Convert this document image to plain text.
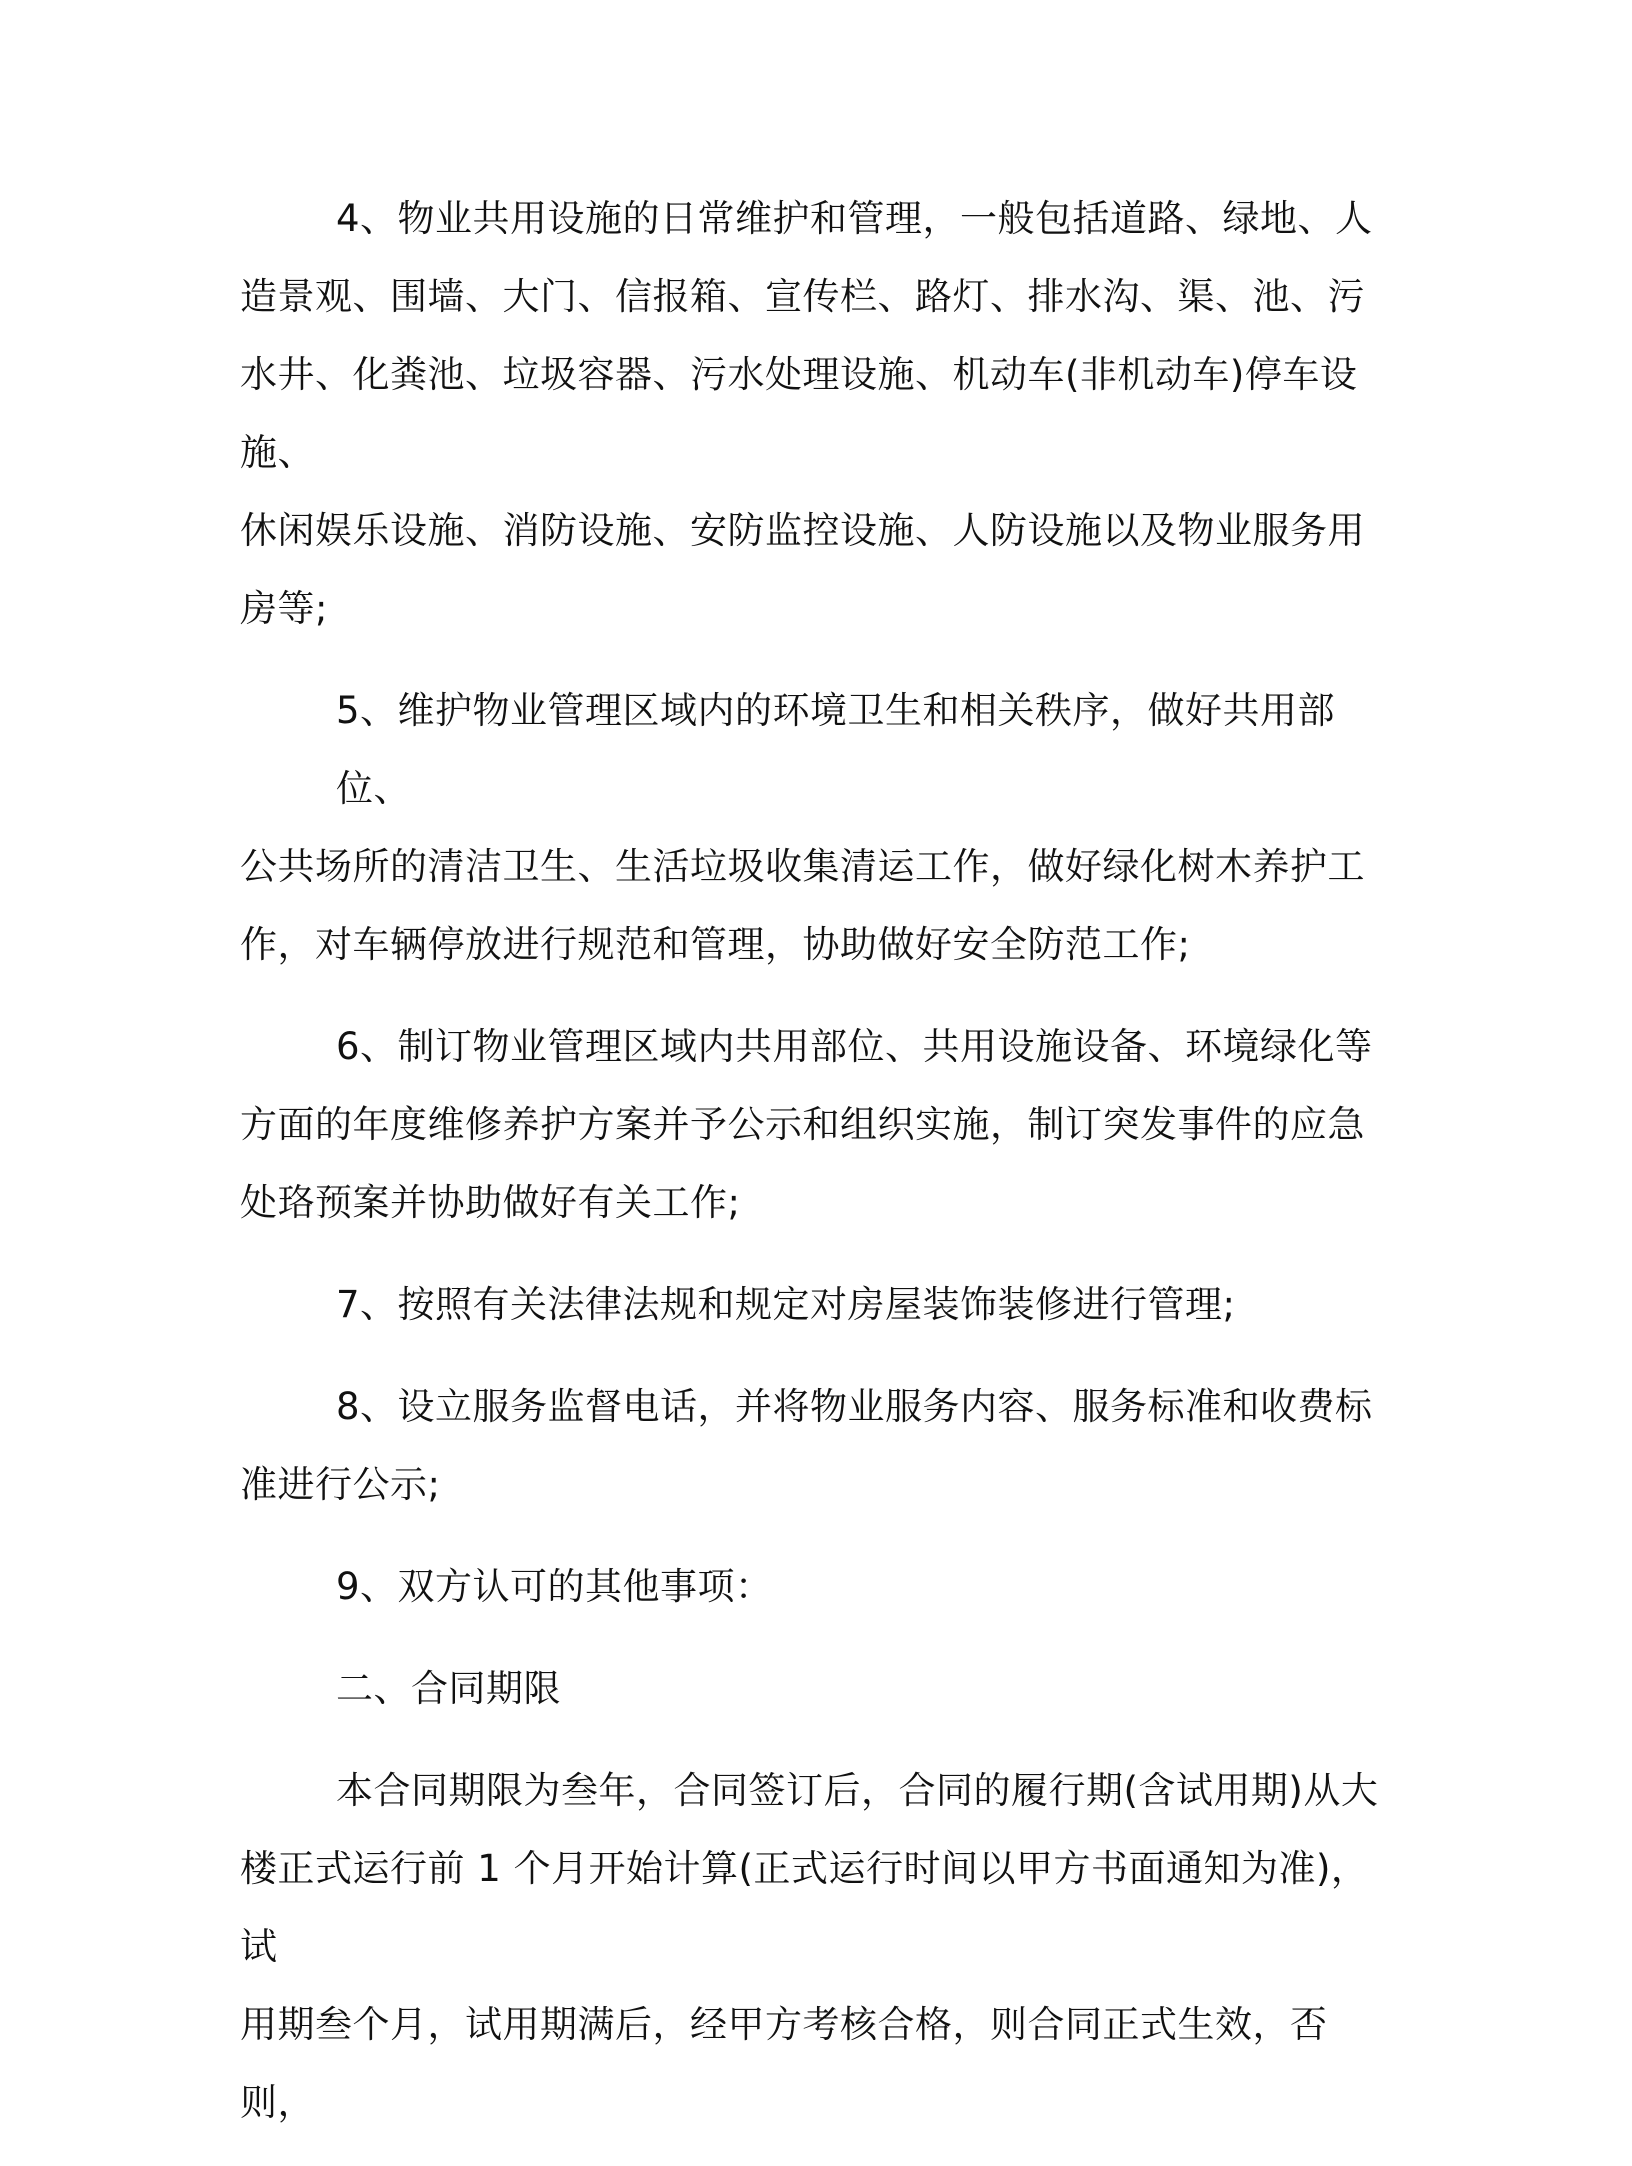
4、物业共用设施的日常维护和管理，一般包括道路、绿地、人
造景观、围墙、大门、信报箱、宣传栏、路灯、排水沟、渠、池、污
水井、化粪池、垃圾容器、污水处理设施、机动车(非机动车)停车设施、
休闲娱乐设施、消防设施、安防监控设施、人防设施以及物业服务用
房等;
5、维护物业管理区域内的环境卫生和相关秩序，做好共用部位、
公共场所的清洁卫生、生活垃圾收集清运工作，做好绿化树木养护工
作，对车辆停放进行规范和管理，协助做好安全防范工作;
6、制订物业管理区域内共用部位、共用设施设备、环境绿化等
方面的年度维修养护方案并予公示和组织实施，制订突发事件的应急
处珞预案并协助做好有关工作;
7、按照有关法律法规和规定对房屋装饰装修进行管理;
8、设立服务监督电话，并将物业服务内容、服务标准和收费标
准进行公示;
9、双方认可的其他事项：
二、合同期限
本合同期限为叁年，合同签订后，合同的履行期(含试用期)从大
楼正式运行前 1 个月开始计算(正式运行时间以甲方书面通知为准)，试
用期叁个月，试用期满后，经甲方考核合格，则合同正式生效，否则，
